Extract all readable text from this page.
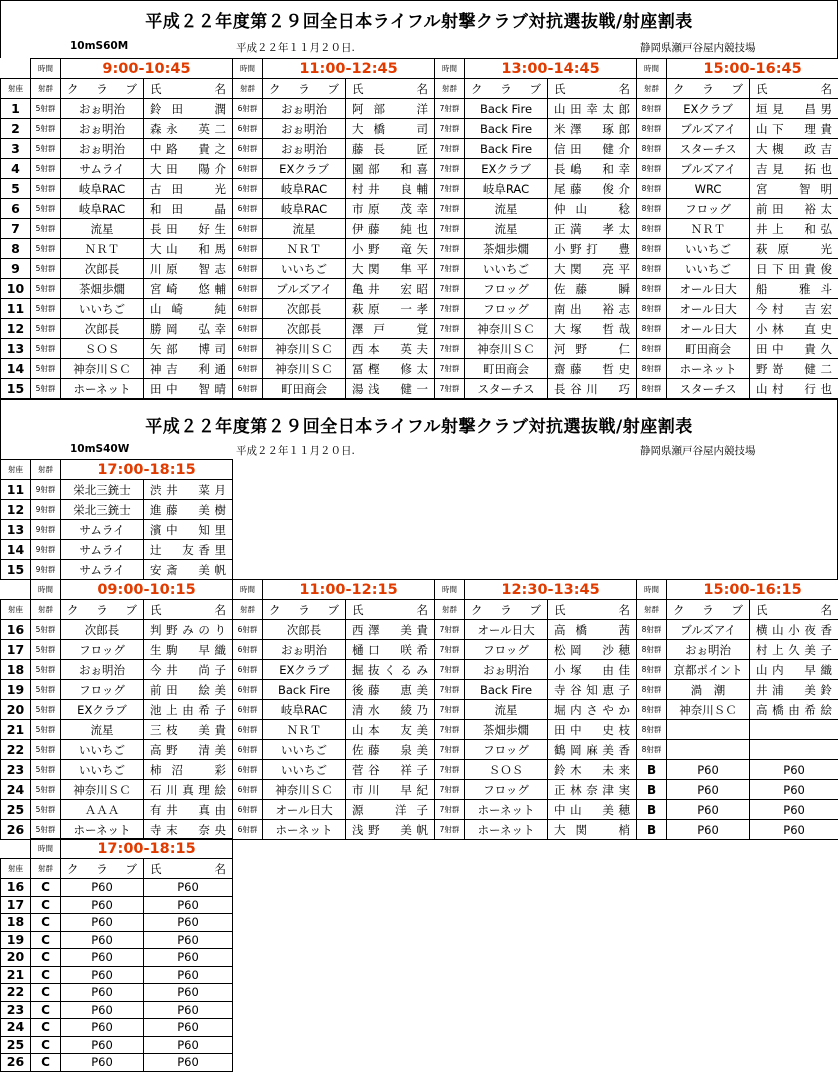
平成２２年度第２９回全日本ライフル射撃クラブ対抗選抜戦/射座割表
10mS60M	平成２２年１１月２０日.	静岡県瀬戸谷屋内競技場
	時間	9:00-10:45		時間	11:00-12:45		時間	13:00-14:45		時間	15:00-16:45	
射座	射群	クラブ	氏　名	射群	クラブ	氏　名	射群	クラブ	氏　名	射群	クラブ	氏　名
1	5射群	おぉ明治	鈴田　潤	6射群	おぉ明治	阿部　洋	7射群	Back Fire	山田幸太郎	8射群	EXクラブ	垣見　昌男
2	5射群	おぉ明治	森永　英二	6射群	おぉ明治	大橋　司	7射群	Back Fire	米澤　琢郎	8射群	ブルズアイ	山下　理貴
3	5射群	おぉ明治	中路　貴之	6射群	おぉ明治	藤長　匠	7射群	Back Fire	信田　健介	8射群	スターチス	大槻　政吉
4	5射群	サムライ	大田　陽介	6射群	EXクラブ	園部　和喜	7射群	EXクラブ	長嶋　和幸	8射群	ブルズアイ	吉見　拓也
5	5射群	岐阜RAC	古田　光	6射群	岐阜RAC	村井　良輔	7射群	岐阜RAC	尾藤　俊介	8射群	WRC	宮　智明
6	5射群	岐阜RAC	和田　晶	6射群	岐阜RAC	市原　茂幸	7射群	流星	仲山　稔	8射群	フロッグ	前田　裕太
7	5射群	流星	長田　好生	6射群	流星	伊藤　純也	7射群	流星	正満　孝太	8射群	ＮＲＴ	井上　和弘
8	5射群	ＮＲＴ	大山　和馬	6射群	ＮＲＴ	小野　竜矢	7射群	茶畑歩燗	小野打　豊	8射群	いいちご	萩原　光
9	5射群	次郎長	川原　智志	6射群	いいちご	大関　隼平	7射群	いいちご	大関　亮平	8射群	いいちご	日下田貴俊
10	5射群	茶畑歩燗	宮崎　悠輔	6射群	ブルズアイ	亀井　宏昭	7射群	フロッグ	佐藤　瞬	8射群	オール日大	船　雅斗
11	5射群	いいちご	山崎　純	6射群	次郎長	萩原　一孝	7射群	フロッグ	南出　裕志	8射群	オール日大	今村　吉宏
12	5射群	次郎長	勝岡　弘幸	6射群	次郎長	澤戸　覚	7射群	神奈川ＳＣ	大塚　哲哉	8射群	オール日大	小林　直史
13	5射群	ＳＯＳ	矢部　博司	6射群	神奈川ＳＣ	西本　英夫	7射群	神奈川ＳＣ	河野　仁	8射群	町田商会	田中　貴久
14	5射群	神奈川ＳＣ	神吉　利通	6射群	神奈川ＳＣ	冨樫　修太	7射群	町田商会	齋藤　哲史	8射群	ホーネット	野嵜　健二
15	5射群	ホーネット	田中　智晴	6射群	町田商会	湯浅　健一	7射群	スターチス	長谷川　巧	8射群	スターチス	山村　行也
平成２２年度第２９回全日本ライフル射撃クラブ対抗選抜戦/射座割表
10mS40W	平成２２年１１月２０日.	静岡県瀬戸谷屋内競技場
射座	射群	17:00-18:15	
11	9射群	栄北三銃士	渋井　菜月
12	9射群	栄北三銃士	進藤　美樹
13	9射群	サムライ	濱中　知里
14	9射群	サムライ	辻　友香里
15	9射群	サムライ	安斎　美帆
	時間	09:00-10:15		時間	11:00-12:15		時間	12:30-13:45		時間	15:00-16:15	
射座	射群	クラブ	氏　名	射群	クラブ	氏　名	射群	クラブ	氏　名	射群	クラブ	氏　名
16	5射群	次郎長	判野みのり	6射群	次郎長	西澤　美貴	7射群	オール日大	高橋　茜	8射群	ブルズアイ	横山小夜香
17	5射群	フロッグ	生駒　早織	6射群	おぉ明治	樋口　咲希	7射群	フロッグ	松岡　沙穂	8射群	おぉ明治	村上久美子
18	5射群	おぉ明治	今井　尚子	6射群	EXクラブ	掘抜くるみ	7射群	おぉ明治	小塚　由佳	8射群	京都ポイント	山内　早織
19	5射群	フロッグ	前田　絵美	6射群	Back Fire	後藤　恵美	7射群	Back Fire	寺谷知恵子	8射群	渦　潮	井浦　美鈴
20	5射群	EXクラブ	池上由希子	6射群	岐阜RAC	清水　綾乃	7射群	流星	堀内さやか	8射群	神奈川ＳＣ	高橋由希絵
21	5射群	流星	三枝　美貴	6射群	ＮＲＴ	山本　友美	7射群	茶畑歩燗	田中　史枝	8射群		
22	5射群	いいちご	高野　清美	6射群	いいちご	佐藤　泉美	7射群	フロッグ	鶴岡麻美香	8射群		
23	5射群	いいちご	柿沼　彩	6射群	いいちご	菅谷　祥子	7射群	ＳＯＳ	鈴木　未来	B	P60	P60
24	5射群	神奈川ＳＣ	石川真理絵	6射群	神奈川ＳＣ	市川　早紀	7射群	フロッグ	正林奈津実	B	P60	P60
25	5射群	ＡＡＡ	有井　真由	6射群	オール日大	源　洋子	7射群	ホーネット	中山　美穂	B	P60	P60
26	5射群	ホーネット	寺末　奈央	6射群	ホーネット	浅野　美帆	7射群	ホーネット	大関　梢	B	P60	P60
	時間	17:00-18:15	
射座	射群	クラブ	氏　名
16	C	P60	P60
17	C	P60	P60
18	C	P60	P60
19	C	P60	P60
20	C	P60	P60
21	C	P60	P60
22	C	P60	P60
23	C	P60	P60
24	C	P60	P60
25	C	P60	P60
26	C	P60	P60
